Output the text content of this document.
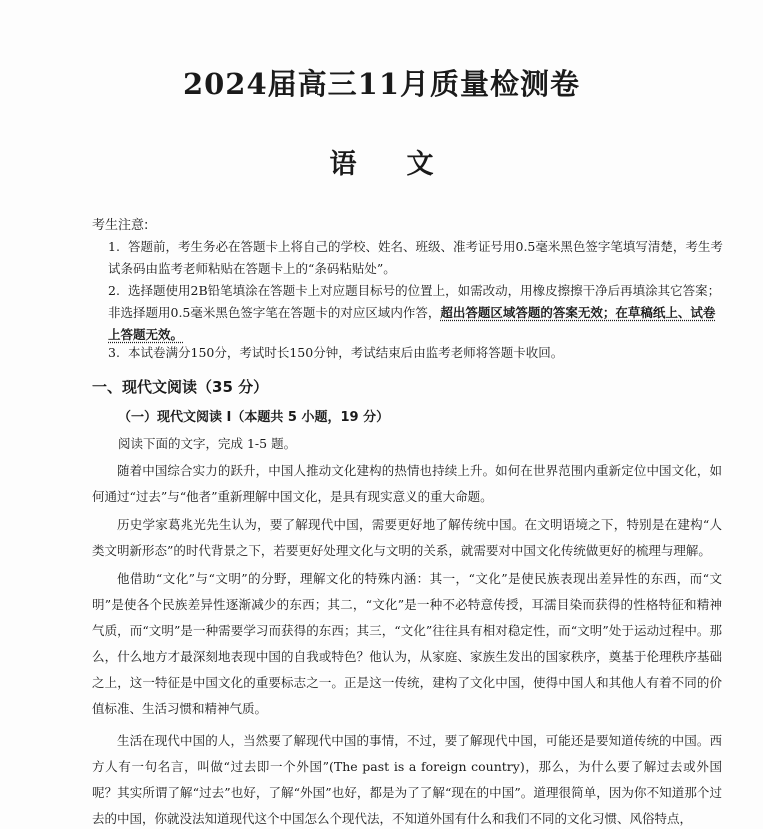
2024届高三11月质量检测卷
语 文
考生注意:
1. 答题前，考生务必在答题卡上将自己的学校、姓名、班级、准考证号用0.5毫米黑色签字笔填写清楚，考生考试条码由监考老师粘贴在答题卡上的“条码粘贴处”。
2. 选择题使用2B铅笔填涂在答题卡上对应题目标号的位置上，如需改动，用橡皮擦擦干净后再填涂其它答案；非选择题用0.5毫米黑色签字笔在答题卡的对应区域内作答，超出答题区域答题的答案无效；在草稿纸上、试卷上答题无效。
3. 本试卷满分150分，考试时长150分钟，考试结束后由监考老师将答题卡收回。
一、现代文阅读（35 分）
（一）现代文阅读 I（本题共 5 小题，19 分）
阅读下面的文字，完成 1-5 题。
随着中国综合实力的跃升，中国人推动文化建构的热情也持续上升。如何在世界范围内重新定位中国文化，如何通过“过去”与“他者”重新理解中国文化，是具有现实意义的重大命题。
历史学家葛兆光先生认为，要了解现代中国，需要更好地了解传统中国。在文明语境之下，特别是在建构“人类文明新形态”的时代背景之下，若要更好处理文化与文明的关系，就需要对中国文化传统做更好的梳理与理解。
他借助“文化”与“文明”的分野，理解文化的特殊内涵：其一，“文化”是使民族表现出差异性的东西，而“文明”是使各个民族差异性逐渐减少的东西；其二，“文化”是一种不必特意传授，耳濡目染而获得的性格特征和精神气质，而“文明”是一种需要学习而获得的东西；其三，“文化”往往具有相对稳定性，而“文明”处于运动过程中。那么，什么地方才最深刻地表现中国的自我或特色？他认为，从家庭、家族生发出的国家秩序，奠基于伦理秩序基础之上，这一特征是中国文化的重要标志之一。正是这一传统，建构了文化中国，使得中国人和其他人有着不同的价值标准、生活习惯和精神气质。
生活在现代中国的人，当然要了解现代中国的事情，不过，要了解现代中国，可能还是要知道传统的中国。西方人有一句名言，叫做“过去即一个外国”(The past is a foreign country)，那么，为什么要了解过去或外国呢？其实所谓了解“过去”也好，了解“外国”也好，都是为了了解“现在的中国”。道理很简单，因为你不知道那个过去的中国，你就没法知道现代这个中国怎么个现代法，不知道外国有什么和我们不同的文化习惯、风俗特点，
